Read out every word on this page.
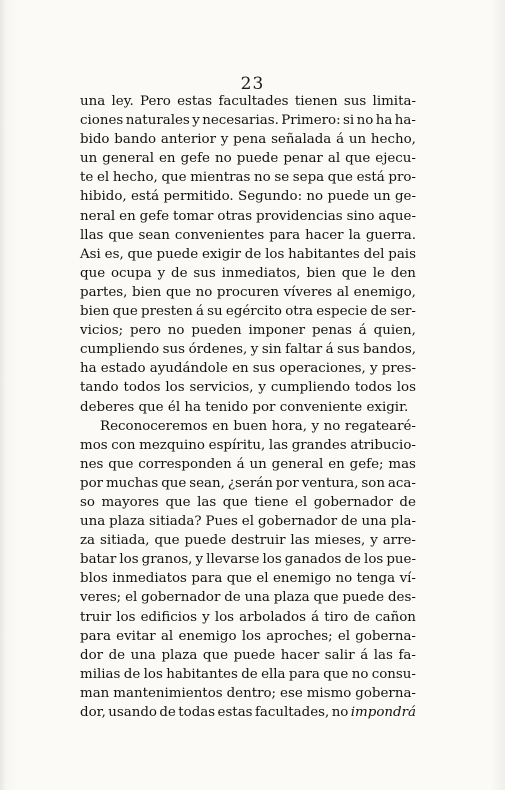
23
una ley. Pero estas facultades tienen sus limita-
ciones naturales y necesarias. Primero: si no ha ha-
bido bando anterior y pena señalada á un hecho,
un general en gefe no puede penar al que ejecu-
te el hecho, que mientras no se sepa que está pro-
hibido, está permitido. Segundo: no puede un ge-
neral en gefe tomar otras providencias sino aque-
llas que sean convenientes para hacer la guerra.
Asi es, que puede exigir de los habitantes del pais
que ocupa y de sus inmediatos, bien que le den
partes, bien que no procuren víveres al enemigo,
bien que presten á su egército otra especie de ser-
vicios; pero no pueden imponer penas á quien,
cumpliendo sus órdenes, y sin faltar á sus bandos,
ha estado ayudándole en sus operaciones, y pres-
tando todos los servicios, y cumpliendo todos los
deberes que él ha tenido por conveniente exigir.
Reconoceremos en buen hora, y no regatearé-
mos con mezquino espíritu, las grandes atribucio-
nes que corresponden á un general en gefe; mas
por muchas que sean, ¿serán por ventura, son aca-
so mayores que las que tiene el gobernador de
una plaza sitiada? Pues el gobernador de una pla-
za sitiada, que puede destruir las mieses, y arre-
batar los granos, y llevarse los ganados de los pue-
blos inmediatos para que el enemigo no tenga ví-
veres; el gobernador de una plaza que puede des-
truir los edificios y los arbolados á tiro de cañon
para evitar al enemigo los aproches; el goberna-
dor de una plaza que puede hacer salir á las fa-
milias de los habitantes de ella para que no consu-
man mantenimientos dentro; ese mismo goberna-
dor, usando de todas estas facultades, no impondrá
